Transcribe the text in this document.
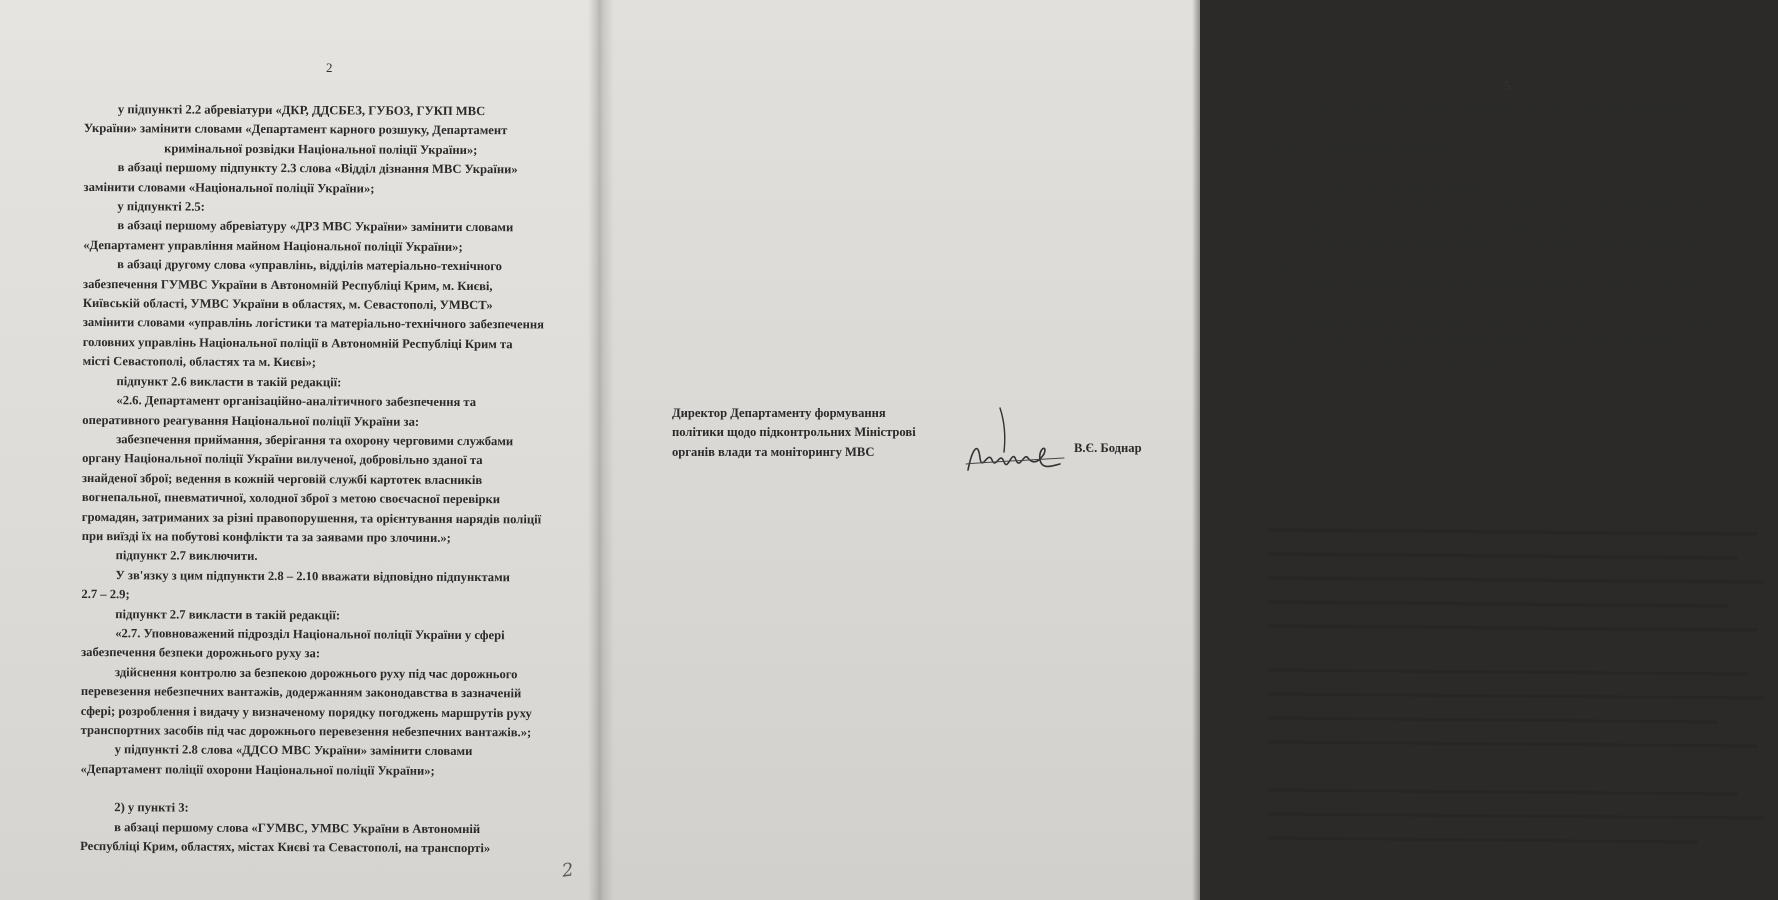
2
у підпункті 2.2 абревіатури «ДКР, ДДСБЕЗ, ГУБОЗ, ГУКП МВС
України» замінити словами «Департамент карного розшуку, Департамент
кримінальної розвідки Національної поліції України»;
в абзаці першому підпункту 2.3 слова «Відділ дізнання МВС України»
замінити словами «Національної поліції України»;
у підпункті 2.5:
в абзаці першому абревіатуру «ДРЗ МВС України» замінити словами
«Департамент управління майном Національної поліції України»;
в абзаці другому слова «управлінь, відділів матеріально-технічного
забезпечення ГУМВС України в Автономній Республіці Крим, м. Києві,
Київській області, УМВС України в областях, м. Севастополі, УМВСТ»
замінити словами «управлінь логістики та матеріально-технічного забезпечення
головних управлінь Національної поліції в Автономній Республіці Крим та
місті Севастополі, областях та м. Києві»;
підпункт 2.6 викласти в такій редакції:
«2.6. Департамент організаційно-аналітичного забезпечення та
оперативного реагування Національної поліції України за:
забезпечення приймання, зберігання та охорону черговими службами
органу Національної поліції України вилученої, добровільно зданої та
знайденої зброї; ведення в кожній черговій службі картотек власників
вогнепальної, пневматичної, холодної зброї з метою своєчасної перевірки
громадян, затриманих за різні правопорушення, та орієнтування нарядів поліції
при виїзді їх на побутові конфлікти та за заявами про злочини.»;
підпункт 2.7 виключити.
У зв'язку з цим підпункти 2.8 – 2.10 вважати відповідно підпунктами
2.7 – 2.9;
підпункт 2.7 викласти в такій редакції:
«2.7. Уповноважений підрозділ Національної поліції України у сфері
забезпечення безпеки дорожнього руху за:
здійснення контролю за безпекою дорожнього руху під час дорожнього
перевезення небезпечних вантажів, додержанням законодавства в зазначеній
сфері; розроблення і видачу у визначеному порядку погоджень маршрутів руху
транспортних засобів під час дорожнього перевезення небезпечних вантажів.»;
у підпункті 2.8 слова «ДДСО МВС України» замінити словами
«Департамент поліції охорони Національної поліції України»;
2) у пункті 3:
в абзаці першому слова «ГУМВС, УМВС України в Автономній
Республіці Крим, областях, містах Києві та Севастополі, на транспорті»
2
5
слова «органи державного пожежного нагляду», «органи пожежного
нагляду», «пожежна охорона» в усіх відмінках замінити словами «органи
ДСНС» у відповідних відмінках.
5. У тексті Інструкції та додатках:
абревіатури «УПП (ВПП)», «УГБ (ВГБ)» замінити абревіатурою «УП»;
абревіатури «ГУМВС», «УМВС» замінити абревіатурою «ГУНП»;
слова «органи внутрішніх справ» у всіх відмінках замінити словами
«органи поліції» у відповідних відмінках;
слова «чергова частина» в усіх відмінках замінити словами «чергова
служба» у відповідних відмінках;
слова «дільничні інспектори міліції», «інспектори міліції» в усіх відмінках
замінити словами «дільничні офіцери поліції» у відповідних відмінках;
слова «Держгірпромнагляд України» замінити словом «Держпраці».
Директор Департаменту формування
політики щодо підконтрольних Міністрові
органів влади та моніторингу МВС	В.Є. Боднар
